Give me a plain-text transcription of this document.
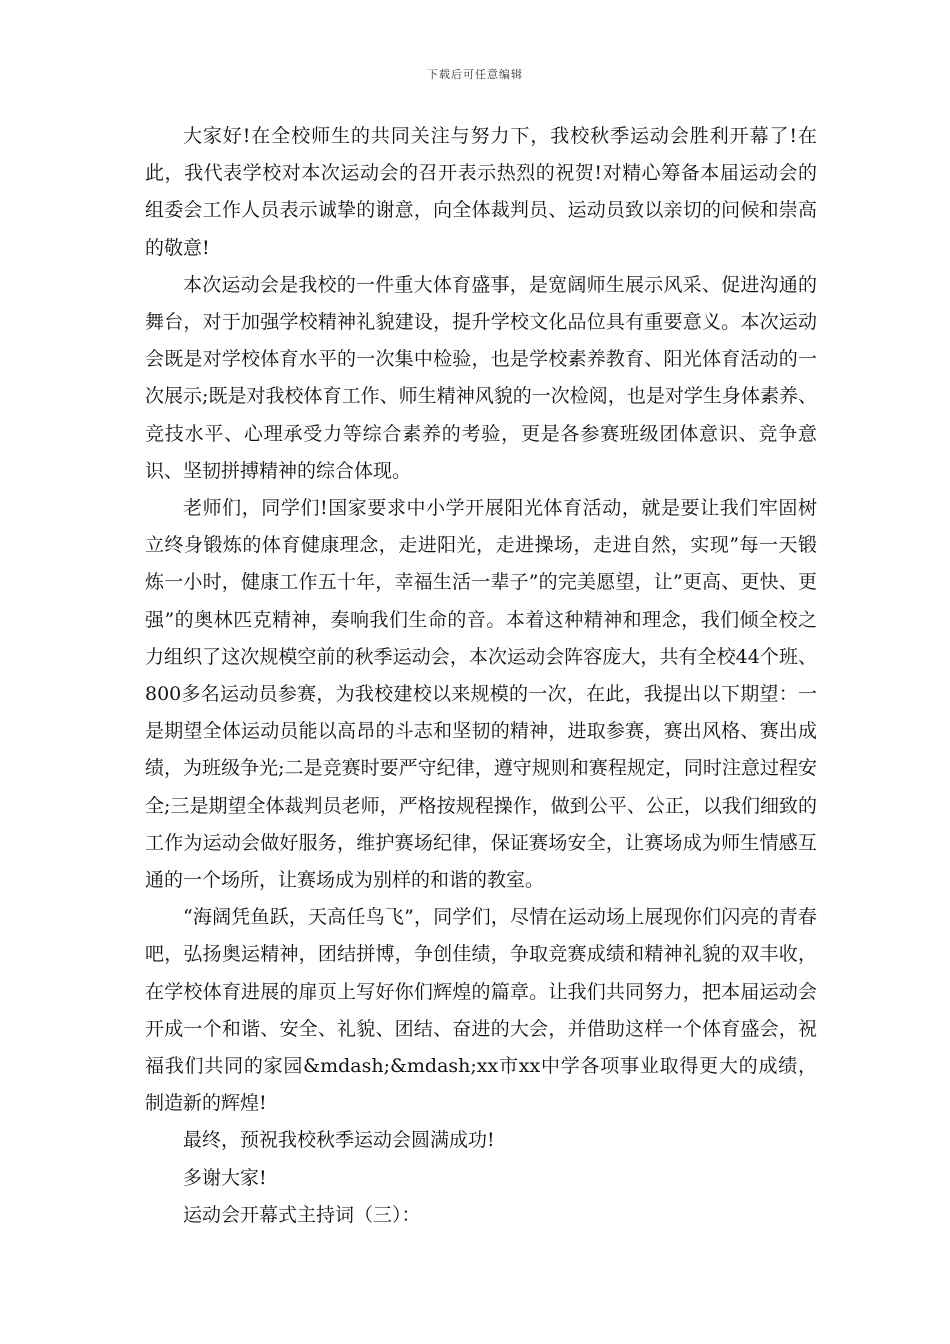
下载后可任意编辑

大家好!在全校师生的共同关注与努力下，我校秋季运动会胜利开幕了!在此，我代表学校对本次运动会的召开表示热烈的祝贺!对精心筹备本届运动会的组委会工作人员表示诚挚的谢意，向全体裁判员、运动员致以亲切的问候和崇高的敬意!

本次运动会是我校的一件重大体育盛事，是宽阔师生展示风采、促进沟通的舞台，对于加强学校精神礼貌建设，提升学校文化品位具有重要意义。本次运动会既是对学校体育水平的一次集中检验，也是学校素养教育、阳光体育活动的一次展示;既是对我校体育工作、师生精神风貌的一次检阅，也是对学生身体素养、竞技水平、心理承受力等综合素养的考验，更是各参赛班级团体意识、竞争意识、坚韧拼搏精神的综合体现。

老师们，同学们!国家要求中小学开展阳光体育活动，就是要让我们牢固树立终身锻炼的体育健康理念，走进阳光，走进操场，走进自然，实现”每一天锻炼一小时，健康工作五十年，幸福生活一辈子”的完美愿望，让”更高、更快、更强”的奥林匹克精神，奏响我们生命的音。本着这种精神和理念，我们倾全校之力组织了这次规模空前的秋季运动会，本次运动会阵容庞大，共有全校44个班、800多名运动员参赛，为我校建校以来规模的一次，在此，我提出以下期望：一是期望全体运动员能以高昂的斗志和坚韧的精神，进取参赛，赛出风格、赛出成绩，为班级争光;二是竞赛时要严守纪律，遵守规则和赛程规定，同时注意过程安全;三是期望全体裁判员老师，严格按规程操作，做到公平、公正，以我们细致的工作为运动会做好服务，维护赛场纪律，保证赛场安全，让赛场成为师生情感互通的一个场所，让赛场成为别样的和谐的教室。

“海阔凭鱼跃，天高任鸟飞”，同学们，尽情在运动场上展现你们闪亮的青春吧，弘扬奥运精神，团结拼博，争创佳绩，争取竞赛成绩和精神礼貌的双丰收，在学校体育进展的扉页上写好你们辉煌的篇章。让我们共同努力，把本届运动会开成一个和谐、安全、礼貌、团结、奋进的大会，并借助这样一个体育盛会，祝福我们共同的家园&mdash;&mdash;xx市xx中学各项事业取得更大的成绩，制造新的辉煌!

最终，预祝我校秋季运动会圆满成功!

多谢大家!

运动会开幕式主持词（三）：
